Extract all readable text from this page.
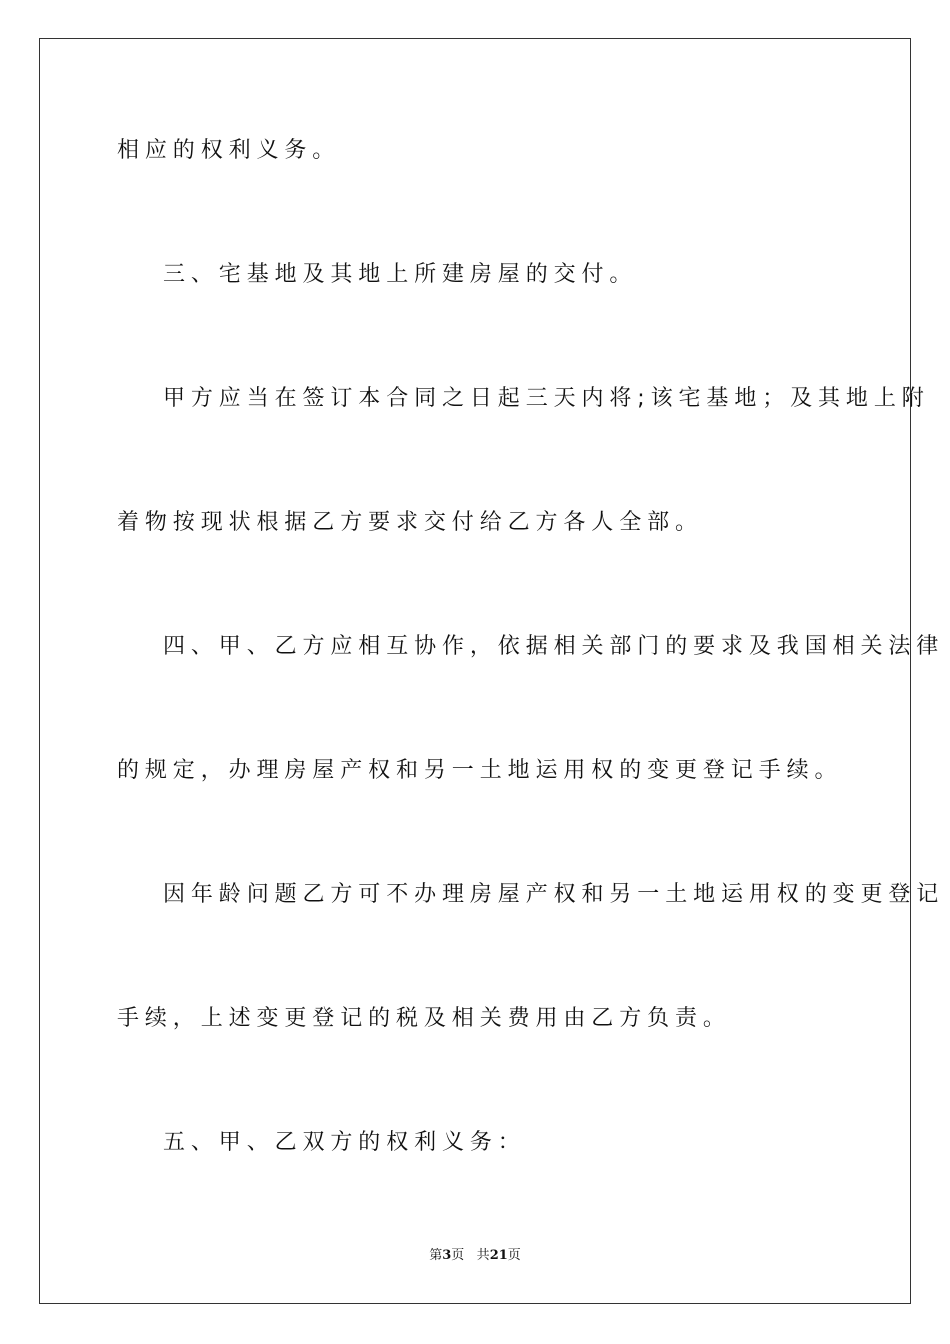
相应的权利义务。
三、宅基地及其地上所建房屋的交付。
甲方应当在签订本合同之日起三天内将;该宅基地；及其地上附
着物按现状根据乙方要求交付给乙方各人全部。
四、甲、乙方应相互协作，依据相关部门的要求及我国相关法律
的规定，办理房屋产权和另一土地运用权的变更登记手续。
因年龄问题乙方可不办理房屋产权和另一土地运用权的变更登记
手续，上述变更登记的税及相关费用由乙方负责。
五、甲、乙双方的权利义务：
第3页 共21页
